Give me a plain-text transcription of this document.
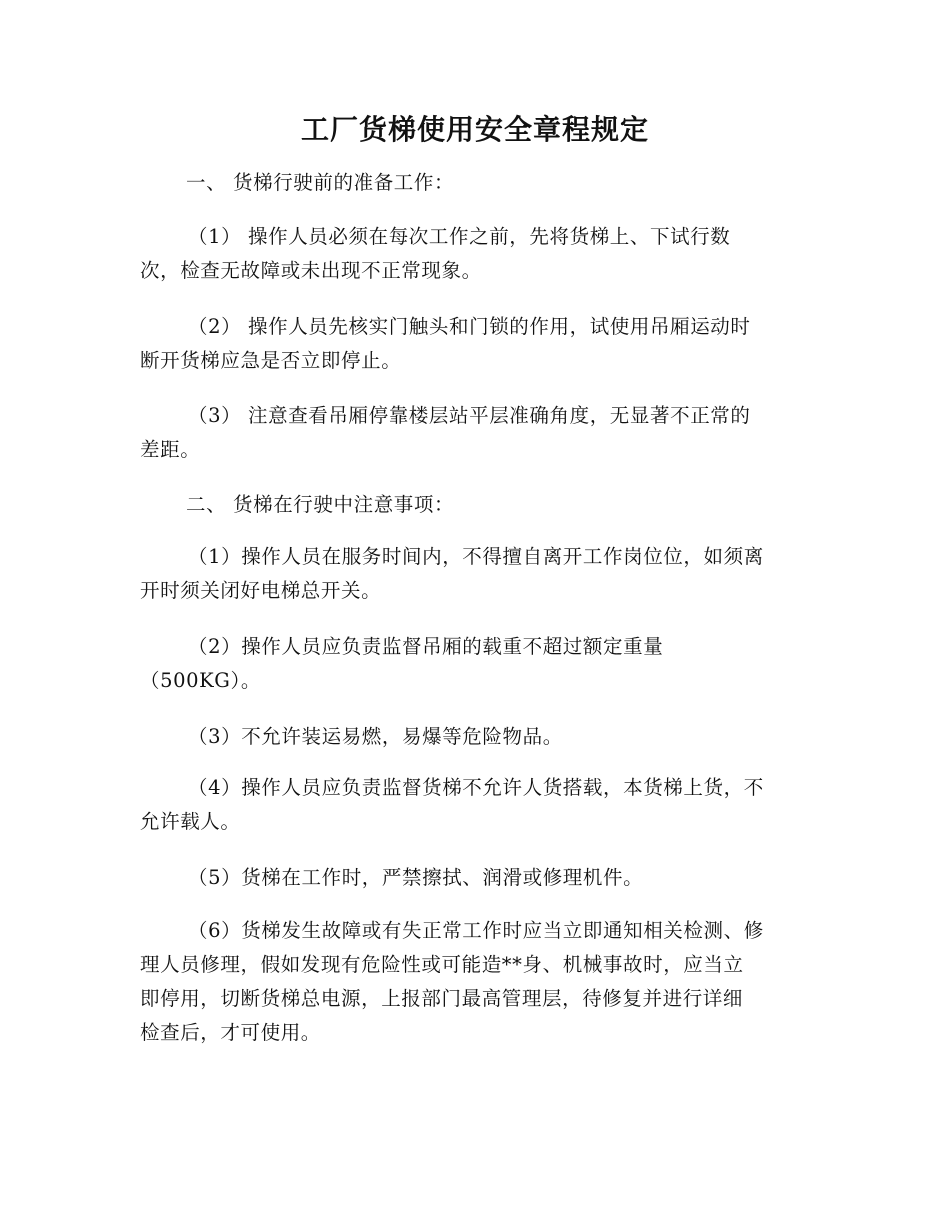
工厂货梯使用安全章程规定

一、 货梯行驶前的准备工作：

（1） 操作人员必须在每次工作之前，先将货梯上、下试行数
次，检查无故障或未出现不正常现象。

（2） 操作人员先核实门触头和门锁的作用，试使用吊厢运动时
断开货梯应急是否立即停止。

（3） 注意查看吊厢停靠楼层站平层准确角度，无显著不正常的
差距。

二、 货梯在行驶中注意事项：

（1）操作人员在服务时间内，不得擅自离开工作岗位位，如须离
开时须关闭好电梯总开关。

（2）操作人员应负责监督吊厢的载重不超过额定重量
（500KG）。

（3）不允许装运易燃，易爆等危险物品。

（4）操作人员应负责监督货梯不允许人货搭载，本货梯上货，不
允许载人。

（5）货梯在工作时，严禁擦拭、润滑或修理机件。

（6）货梯发生故障或有失正常工作时应当立即通知相关检测、修
理人员修理，假如发现有危险性或可能造**身、机械事故时，应当立
即停用，切断货梯总电源，上报部门最高管理层，待修复并进行详细
检查后，才可使用。
